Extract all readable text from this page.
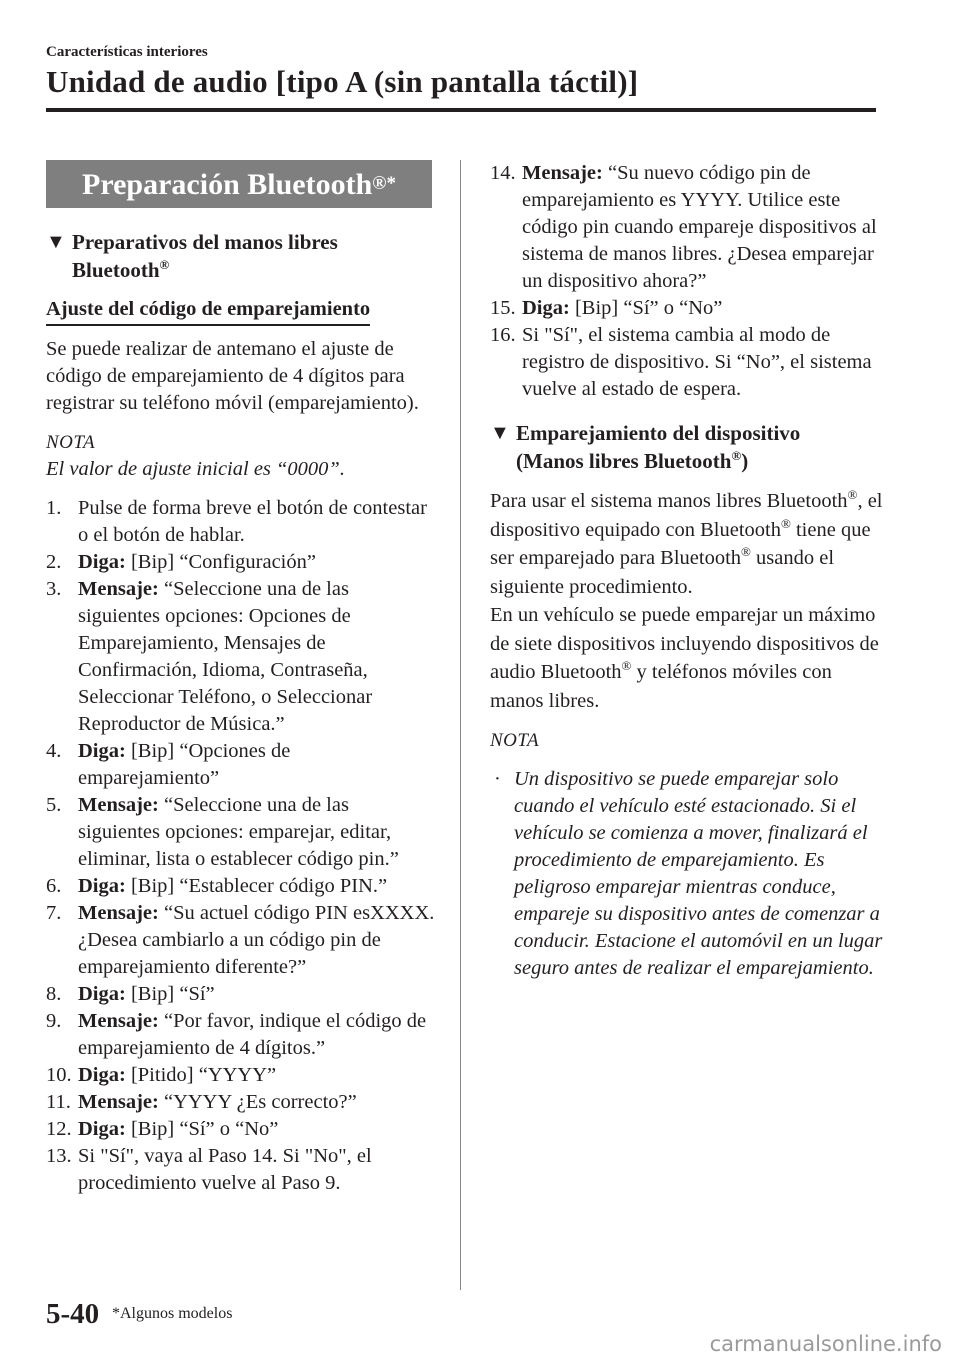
Características interiores
Unidad de audio [tipo A (sin pantalla táctil)]
Preparación Bluetooth ®*
▼ Preparativos del manos libres
Bluetooth®
Ajuste del código de emparejamiento

Se puede realizar de antemano el ajuste de código de emparejamiento de 4 dígitos para registrar su teléfono móvil (emparejamiento).

NOTA
El valor de ajuste inicial es “0000”.
1. Pulse de forma breve el botón de contestar o el botón de hablar.
2. Diga: [Bip] “Configuración”
3. Mensaje: “Seleccione una de las siguientes opciones: Opciones de Emparejamiento, Mensajes de Confirmación, Idioma, Contraseña, Seleccionar Teléfono, o Seleccionar Reproductor de Música.”
4. Diga: [Bip] “Opciones de emparejamiento”
5. Mensaje: “Seleccione una de las siguientes opciones: emparejar, editar, eliminar, lista o establecer código pin.”
6. Diga: [Bip] “Establecer código PIN.”
7. Mensaje: “Su actuel código PIN esXXXX. ¿Desea cambiarlo a un código pin de emparejamiento diferente?”
8. Diga: [Bip] “Sí”
9. Mensaje: “Por favor, indique el código de emparejamiento de 4 dígitos.”
10. Diga: [Pitido] “YYYY”
11. Mensaje: “YYYY ¿Es correcto?”
12. Diga: [Bip] “Sí” o “No”
13. Si "Sí", vaya al Paso 14. Si "No", el procedimiento vuelve al Paso 9.
14. Mensaje: “Su nuevo código pin de emparejamiento es YYYY. Utilice este código pin cuando empareje dispositivos al sistema de manos libres. ¿Desea emparejar un dispositivo ahora?”
15. Diga: [Bip] “Sí” o “No”
16. Si "Sí", el sistema cambia al modo de registro de dispositivo. Si “No”, el sistema vuelve al estado de espera.
▼ Emparejamiento del dispositivo
(Manos libres Bluetooth®)

Para usar el sistema manos libres Bluetooth®, el dispositivo equipado con Bluetooth® tiene que ser emparejado para Bluetooth® usando el siguiente procedimiento.

En un vehículo se puede emparejar un máximo de siete dispositivos incluyendo dispositivos de audio Bluetooth® y teléfonos móviles con manos libres.

NOTA
· Un dispositivo se puede emparejar solo cuando el vehículo esté estacionado. Si el vehículo se comienza a mover, finalizará el procedimiento de emparejamiento. Es peligroso emparejar mientras conduce, empareje su dispositivo antes de comenzar a conducir. Estacione el automóvil en un lugar seguro antes de realizar el emparejamiento.
5-40 *Algunos modelos
carmanualsonline.info
